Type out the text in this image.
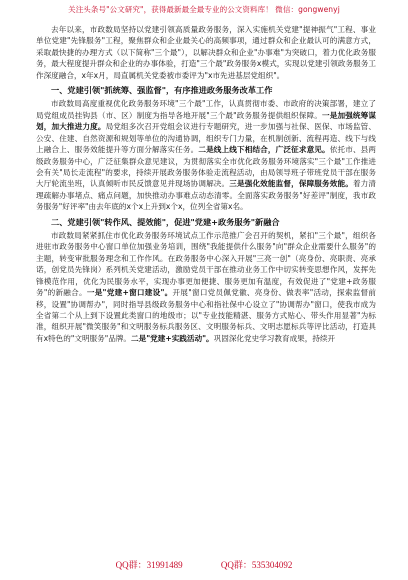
关注头条号"公文研究"，获得最新最全最专业的公文资料库！ 微信：gongwenyj

去年以来，市政数局坚持以党建引领高质量政务服务，深入实施机关党建"提神振气"工程、事业单位党建"先锋服务"工程，聚焦群众和企业最关心的高频事项，通过群众和企业最认可的满意方式，采取最快捷的办理方式（以下简称"三个最"），以解决群众和企业"办事难"为突破口，着力优化政务服务，最大程度提升群众和企业的办事体验，打造"三个最"政务服务x模式，实现以党建引领政务服务工作深度融合，x年x月，局直属机关党委被市委评为"x市先进基层党组织"。

一、党建引领"抓统筹、强监督"，有序推进政务服务改革工作

市政数局高度重视优化政务服务环境"三个最"工作，认真贯彻市委、市政府的决策部署，建立了局党组成员挂钩县（市、区）制度为指导各地开展"三个最"政务服务提供组织保障。一是加强统筹谋划，加大推进力度。局党组多次召开党组会议进行专题研究，进一步加强与社保、医保、市场监管、公安、住建、自然资源和规划等单位的沟通协调，组织专门力量，在机制创新、流程再造、线下与线上融合上、服务效能提升等方面分解落实任务。二是线上线下相结合，广泛征求意见。依托市、县两级政务服务中心，广泛征集群众意见建议，为贯彻落实全市优化政务服务环境落实"三个最"工作推进会有关"局长走流程"的要求，持续开展政务服务体验走流程活动，由局领导班子带班党员干部在服务大厅轮流坐班，认真倾听市民反馈意见并现场协调解决。三是强化效能监督，保障服务效能。着力清理疏解办事堵点、痛点问题，加快推动办事难点动态清零。全面落实政务服务"好差评"制度，我市政务服务"好评率"由去年底的x个x上升到x个x，位列全省第x名。

二、党建引领"转作风、提效能"，促进"党建+政务服务"新融合

市政数局紧紧抓住市优化政务服务环境试点工作示范推广会召开的契机，紧扣"三个最"，组织各进驻市政务服务中心窗口单位加强业务培训，围绕"我能提供什么服务"向"群众企业需要什么服务"的主题，转变审批服务理念和工作作风。在政务服务中心深入开展"三亮一创"（亮身份、亮职责、亮承诺，创党员先锋岗）系列机关党建活动，激励党员干部在推动业务工作中切实转变思想作风，发挥先锋模范作用，优化为民服务水平，实现办事更加便捷、服务更加有温度，有效促进了"党建+政务服务"的新融合。一是"党建+窗口建设"。开展"窗口党员佩党徽、亮身份、做表率"活动，探索监督前移，设置"协调帮办"，同时指导县级政务服务中心和指社保中心设立了"协调帮办"窗口，使我市成为全省第二个从上到下设置此类窗口的地级市；以"专业技能精湛、服务方式贴心、带头作用显著"为标准，组织开展"微笑服务"和文明服务标兵服务区、文明服务标兵、文明志愿标兵等评比活动，打造具有x特色的"文明服务"品牌。二是"党建+实践活动"。巩固深化党史学习教育成果，持续开

QQ群：31991489	QQ群：535304092
